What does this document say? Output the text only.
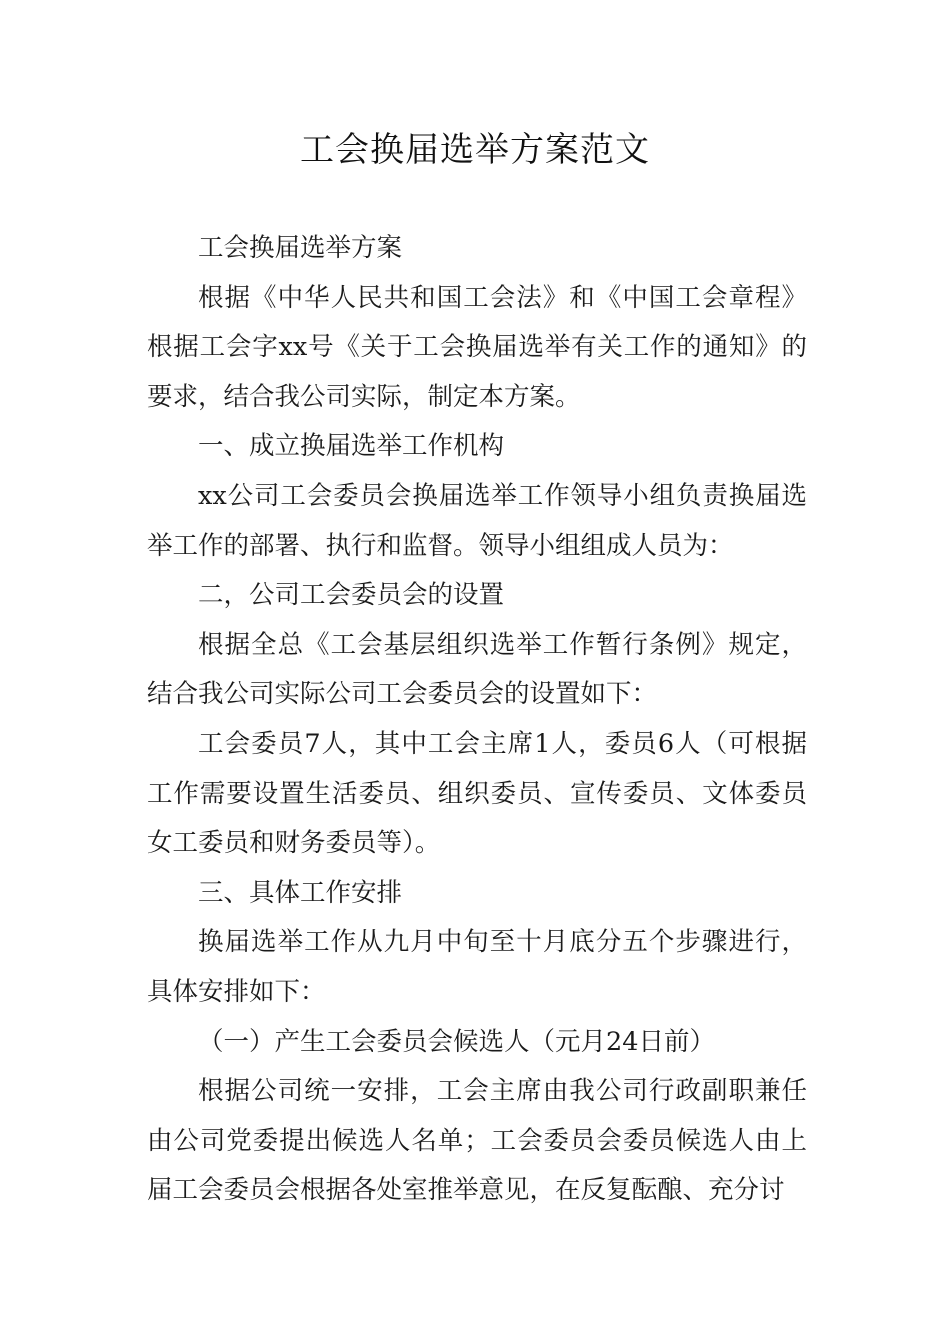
工会换届选举方案范文

工会换届选举方案

根据《中华人民共和国工会法》和《中国工会章程》根据工会字xx号《关于工会换届选举有关工作的通知》的要求，结合我公司实际，制定本方案。

一、成立换届选举工作机构

xx公司工会委员会换届选举工作领导小组负责换届选举工作的部署、执行和监督。领导小组组成人员为：

二，公司工会委员会的设置

根据全总《工会基层组织选举工作暂行条例》规定，结合我公司实际公司工会委员会的设置如下：

工会委员7人，其中工会主席1人，委员6人（可根据工作需要设置生活委员、组织委员、宣传委员、文体委员女工委员和财务委员等）。

三、具体工作安排

换届选举工作从九月中旬至十月底分五个步骤进行，具体安排如下：

（一）产生工会委员会候选人（元月24日前）

根据公司统一安排，工会主席由我公司行政副职兼任由公司党委提出候选人名单；工会委员会委员候选人由上届工会委员会根据各处室推举意见，在反复酝酿、充分讨
